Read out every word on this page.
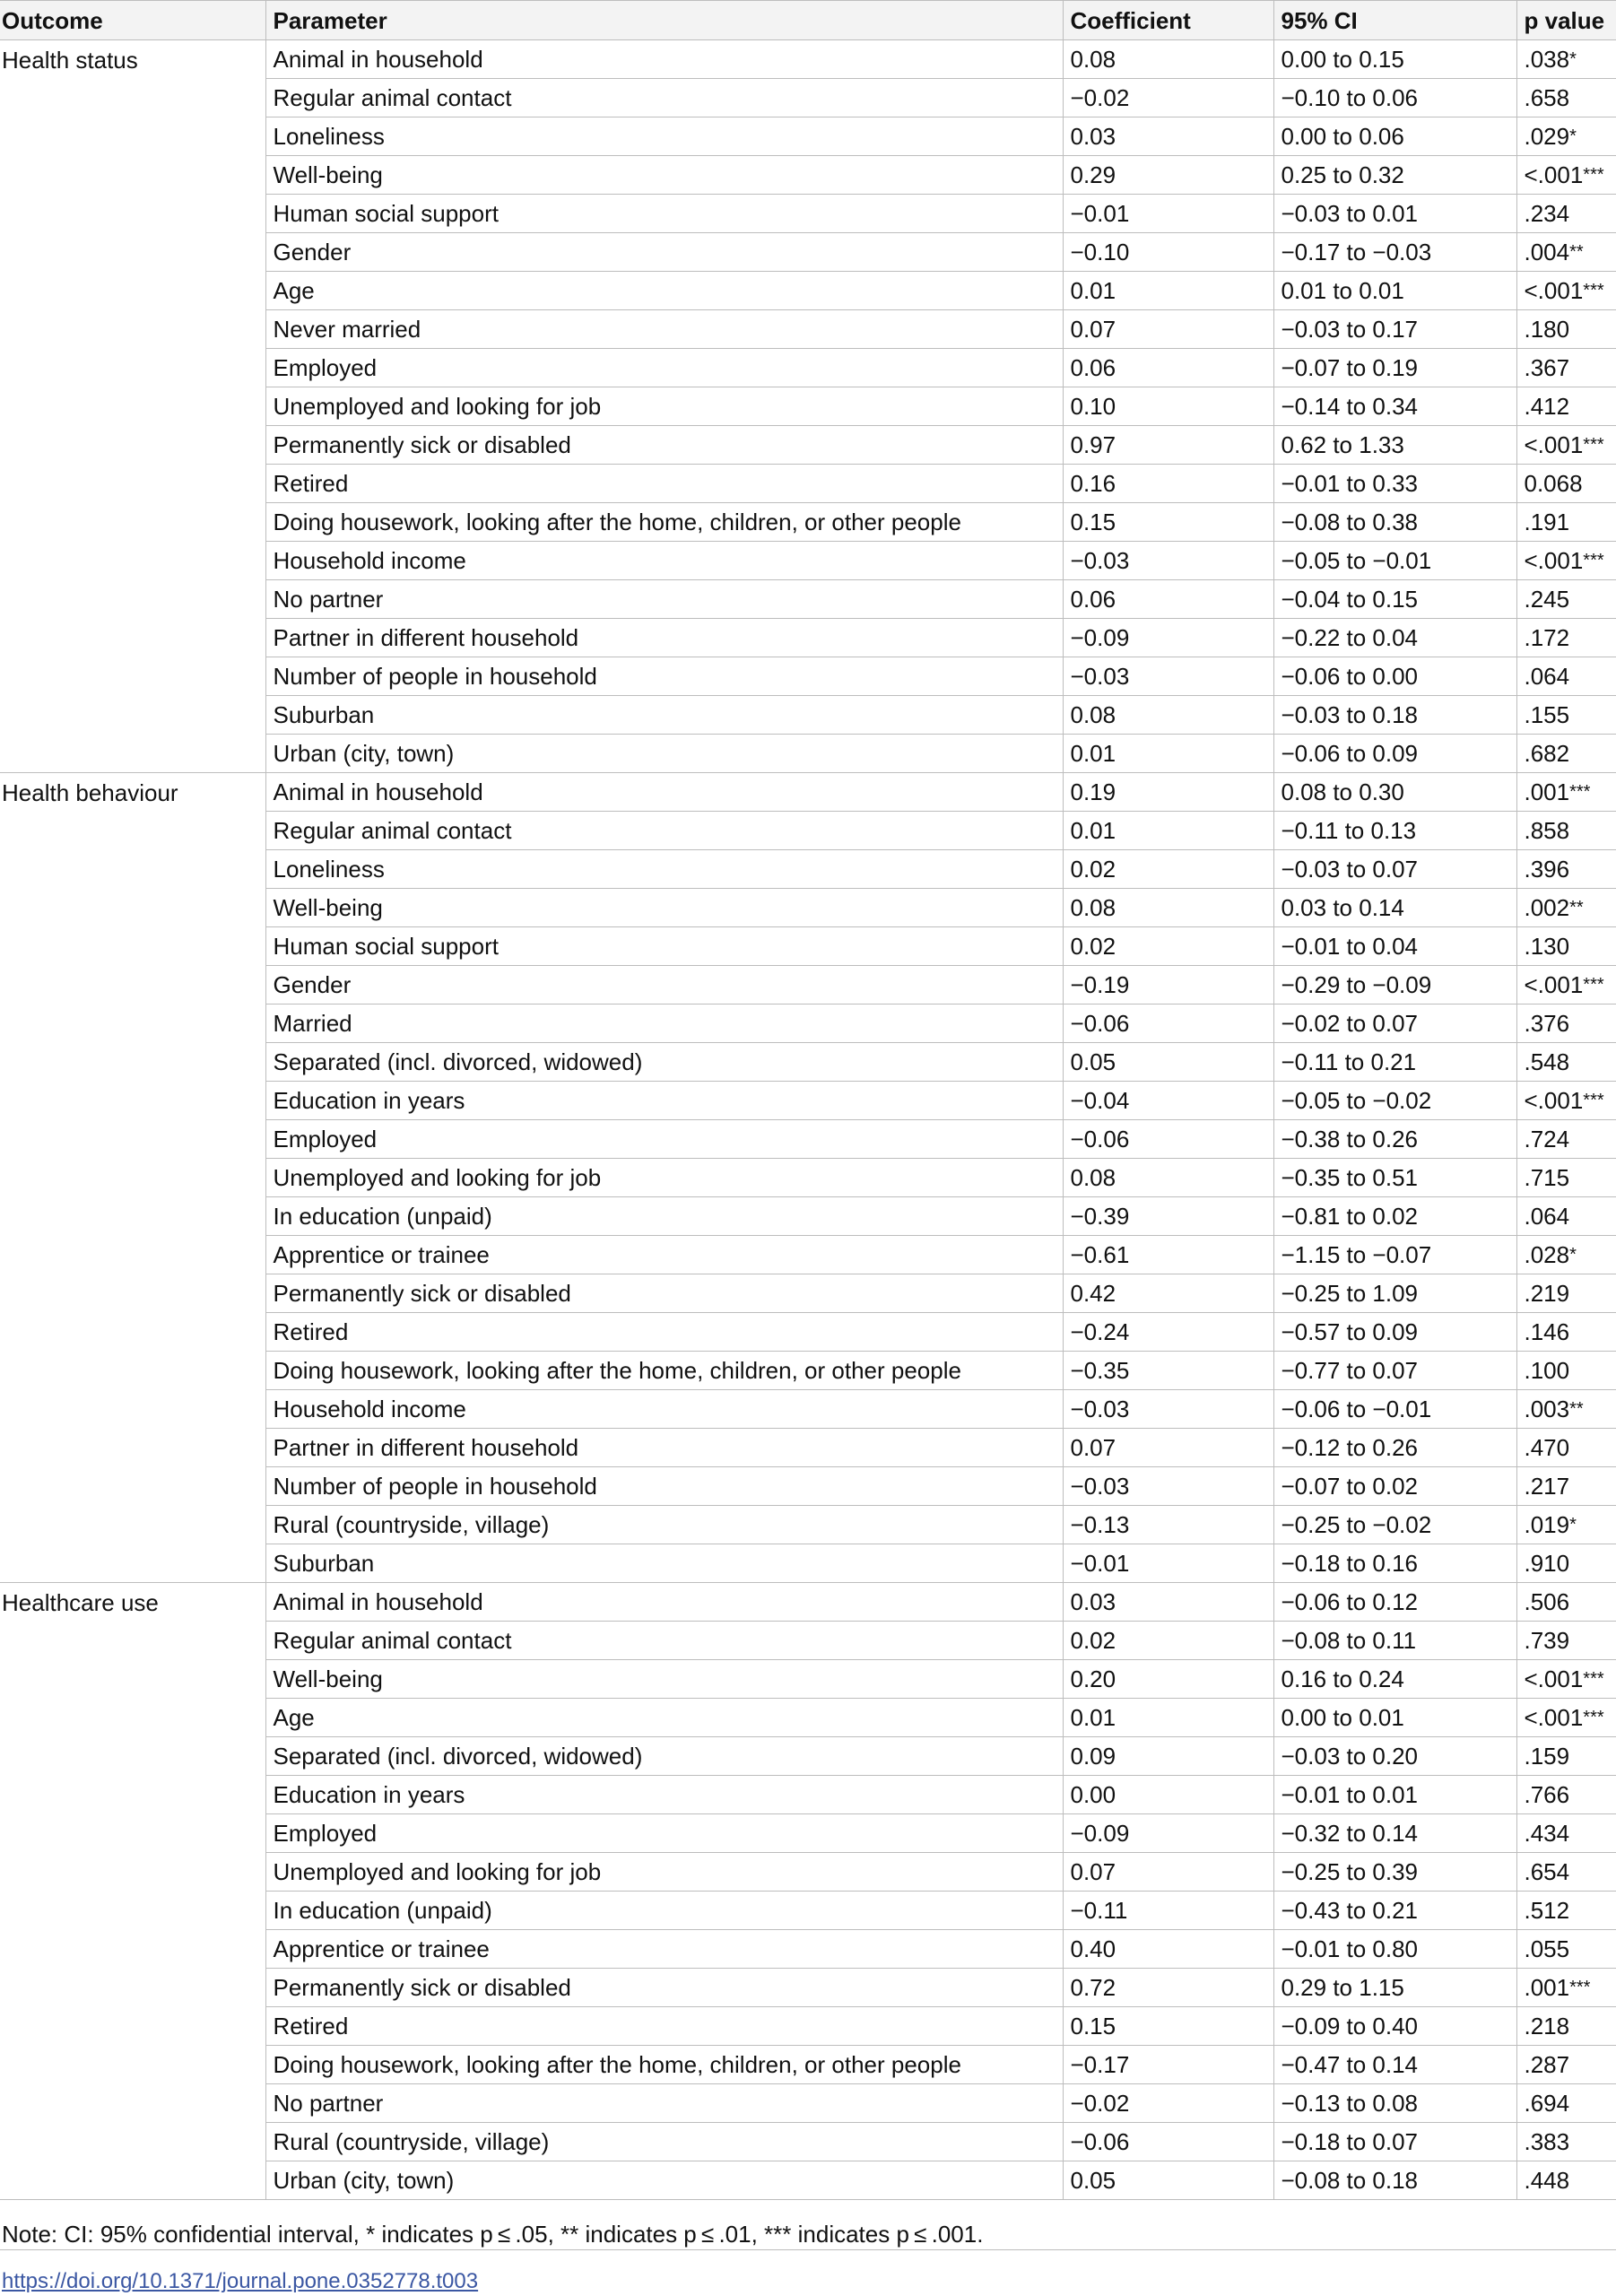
Outcome	Parameter	Coefficient	95% CI	p value
Health status	Animal in household	0.08	0.00 to 0.15	.038*
	Regular animal contact	−0.02	−0.10 to 0.06	.658
	Loneliness	0.03	0.00 to 0.06	.029*
	Well-being	0.29	0.25 to 0.32	<.001***
	Human social support	−0.01	−0.03 to 0.01	.234
	Gender	−0.10	−0.17 to −0.03	.004**
	Age	0.01	0.01 to 0.01	<.001***
	Never married	0.07	−0.03 to 0.17	.180
	Employed	0.06	−0.07 to 0.19	.367
	Unemployed and looking for job	0.10	−0.14 to 0.34	.412
	Permanently sick or disabled	0.97	0.62 to 1.33	<.001***
	Retired	0.16	−0.01 to 0.33	0.068
	Doing housework, looking after the home, children, or other people	0.15	−0.08 to 0.38	.191
	Household income	−0.03	−0.05 to −0.01	<.001***
	No partner	0.06	−0.04 to 0.15	.245
	Partner in different household	−0.09	−0.22 to 0.04	.172
	Number of people in household	−0.03	−0.06 to 0.00	.064
	Suburban	0.08	−0.03 to 0.18	.155
	Urban (city, town)	0.01	−0.06 to 0.09	.682
Health behaviour	Animal in household	0.19	0.08 to 0.30	.001***
	Regular animal contact	0.01	−0.11 to 0.13	.858
	Loneliness	0.02	−0.03 to 0.07	.396
	Well-being	0.08	0.03 to 0.14	.002**
	Human social support	0.02	−0.01 to 0.04	.130
	Gender	−0.19	−0.29 to −0.09	<.001***
	Married	−0.06	−0.02 to 0.07	.376
	Separated (incl. divorced, widowed)	0.05	−0.11 to 0.21	.548
	Education in years	−0.04	−0.05 to −0.02	<.001***
	Employed	−0.06	−0.38 to 0.26	.724
	Unemployed and looking for job	0.08	−0.35 to 0.51	.715
	In education (unpaid)	−0.39	−0.81 to 0.02	.064
	Apprentice or trainee	−0.61	−1.15 to −0.07	.028*
	Permanently sick or disabled	0.42	−0.25 to 1.09	.219
	Retired	−0.24	−0.57 to 0.09	.146
	Doing housework, looking after the home, children, or other people	−0.35	−0.77 to 0.07	.100
	Household income	−0.03	−0.06 to −0.01	.003**
	Partner in different household	0.07	−0.12 to 0.26	.470
	Number of people in household	−0.03	−0.07 to 0.02	.217
	Rural (countryside, village)	−0.13	−0.25 to −0.02	.019*
	Suburban	−0.01	−0.18 to 0.16	.910
Healthcare use	Animal in household	0.03	−0.06 to 0.12	.506
	Regular animal contact	0.02	−0.08 to 0.11	.739
	Well-being	0.20	0.16 to 0.24	<.001***
	Age	0.01	0.00 to 0.01	<.001***
	Separated (incl. divorced, widowed)	0.09	−0.03 to 0.20	.159
	Education in years	0.00	−0.01 to 0.01	.766
	Employed	−0.09	−0.32 to 0.14	.434
	Unemployed and looking for job	0.07	−0.25 to 0.39	.654
	In education (unpaid)	−0.11	−0.43 to 0.21	.512
	Apprentice or trainee	0.40	−0.01 to 0.80	.055
	Permanently sick or disabled	0.72	0.29 to 1.15	.001***
	Retired	0.15	−0.09 to 0.40	.218
	Doing housework, looking after the home, children, or other people	−0.17	−0.47 to 0.14	.287
	No partner	−0.02	−0.13 to 0.08	.694
	Rural (countryside, village)	−0.06	−0.18 to 0.07	.383
	Urban (city, town)	0.05	−0.08 to 0.18	.448
Note: CI: 95% confidential interval, * indicates p ≤ .05, ** indicates p ≤ .01, *** indicates p ≤ .001.
https://doi.org/10.1371/journal.pone.0352778.t003
